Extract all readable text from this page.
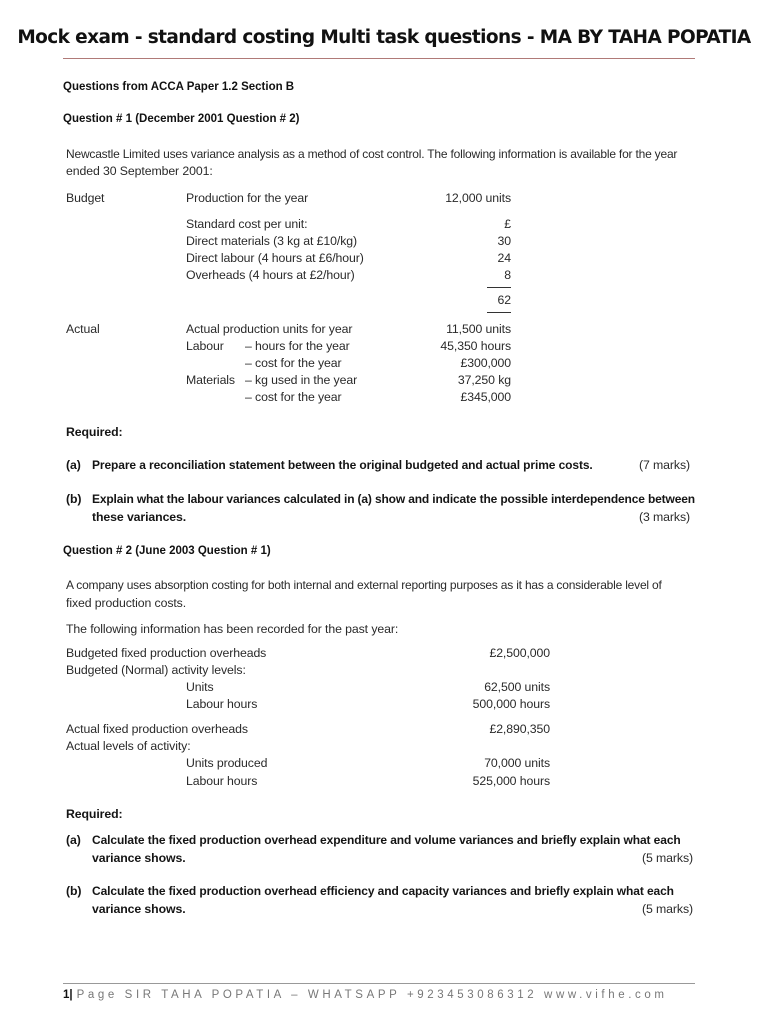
Mock exam - standard costing Multi task questions - MA BY TAHA POPATIA
Questions from ACCA Paper 1.2 Section B
Question # 1 (December 2001 Question # 2)
Newcastle Limited uses variance analysis as a method of cost control. The following information is available for the year
ended 30 September 2001:
Budget	Production for the year	12,000 units
Standard cost per unit:	£
Direct materials (3 kg at £10/kg)	30
Direct labour (4 hours at £6/hour)	24
Overheads (4 hours at £2/hour)	8
62
Actual	Actual production units for year	11,500 units
Labour – hours for the year	45,350 hours
– cost for the year	£300,000
Materials – kg used in the year	37,250 kg
– cost for the year	£345,000
Required:
(a) Prepare a reconciliation statement between the original budgeted and actual prime costs.	(7 marks)
(b) Explain what the labour variances calculated in (a) show and indicate the possible interdependence between
these variances.	(3 marks)
Question # 2 (June 2003 Question # 1)
A company uses absorption costing for both internal and external reporting purposes as it has a considerable level of
fixed production costs.
The following information has been recorded for the past year:
Budgeted fixed production overheads	£2,500,000
Budgeted (Normal) activity levels:
Units	62,500 units
Labour hours	500,000 hours
Actual fixed production overheads	£2,890,350
Actual levels of activity:
Units produced	70,000 units
Labour hours	525,000 hours
Required:
(a) Calculate the fixed production overhead expenditure and volume variances and briefly explain what each
variance shows.	(5 marks)
(b) Calculate the fixed production overhead efficiency and capacity variances and briefly explain what each
variance shows.	(5 marks)
1| Page SIR TAHA POPATIA – WHATSAPP +923453086312 www.vifhe.com
